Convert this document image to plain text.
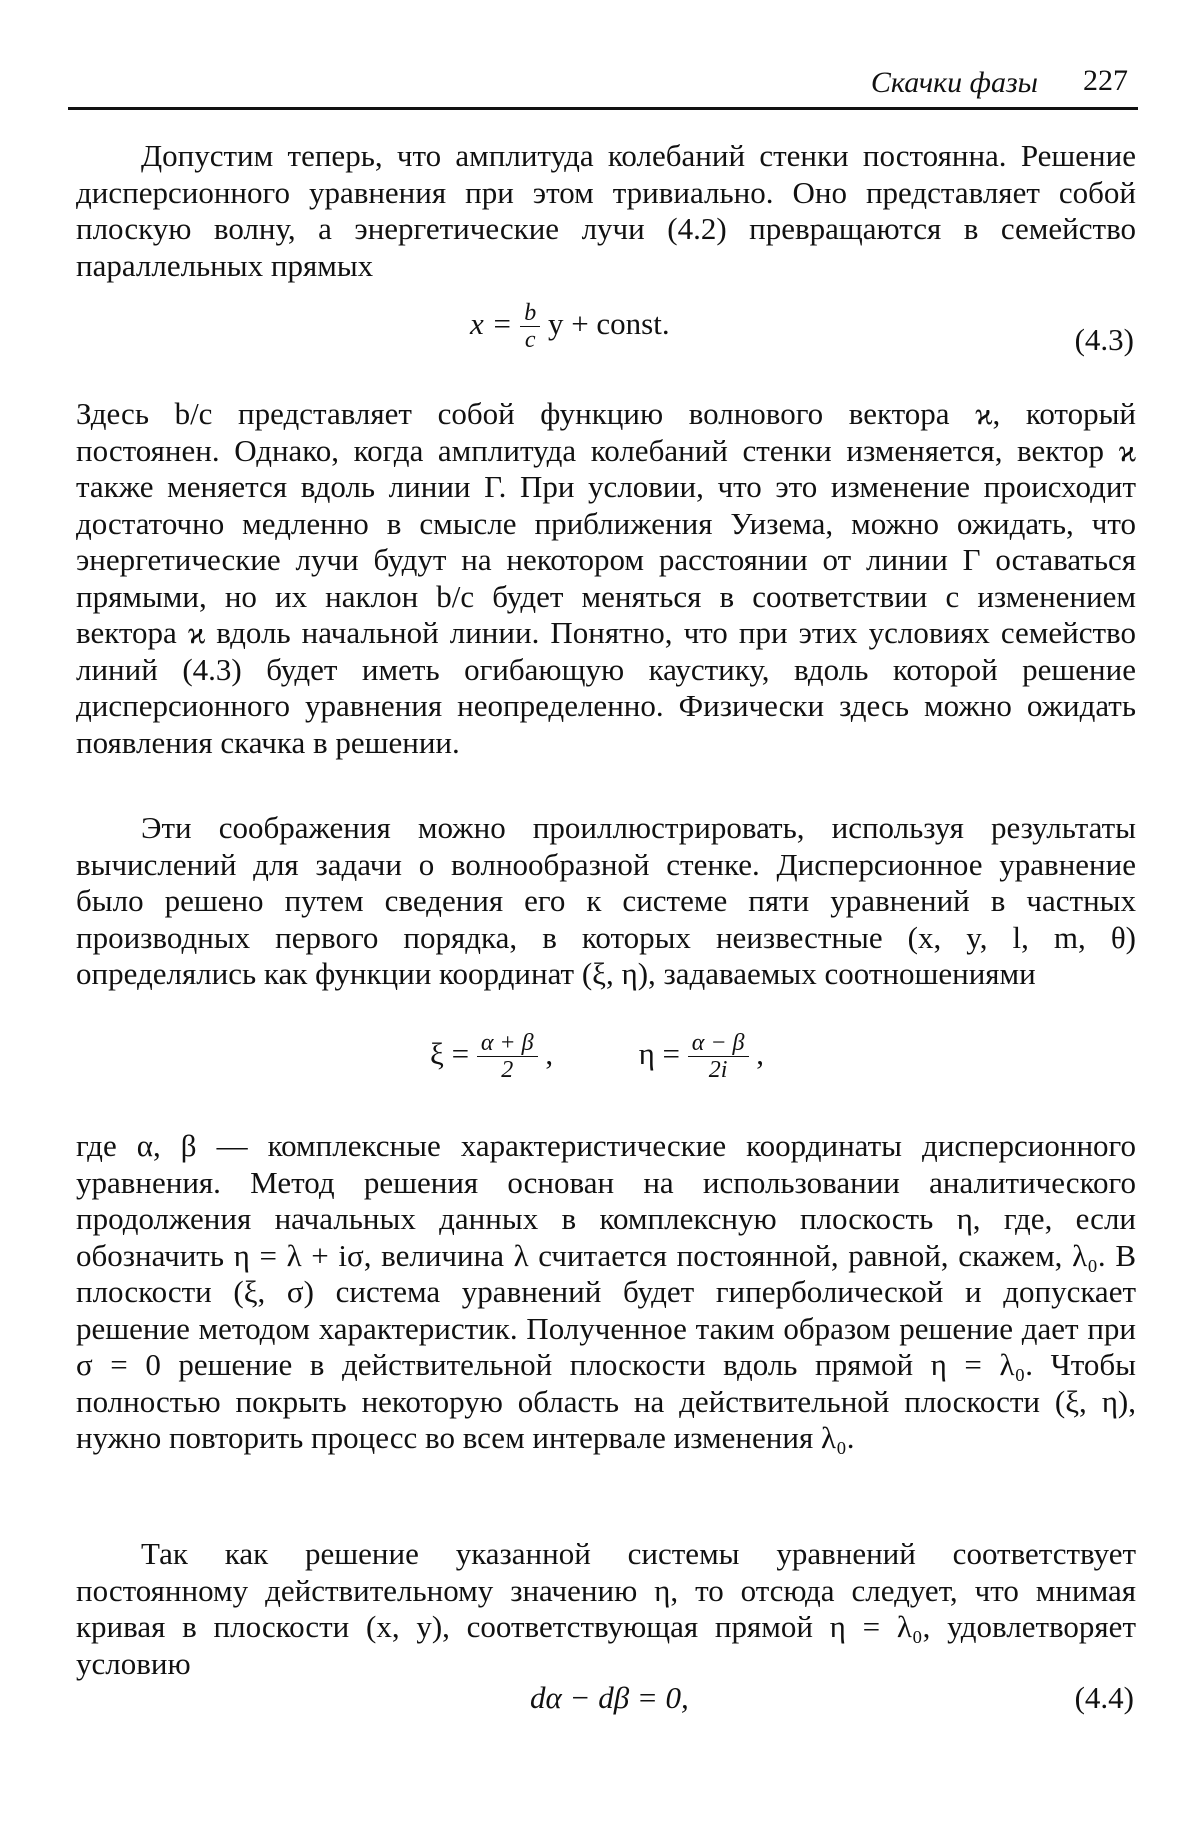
Скачки фазы 227

Допустим теперь, что амплитуда колебаний стенки постоянна. Решение дисперсионного уравнения при этом тривиально. Оно представляет собой плоскую волну, а энергетические лучи (4.2) превращаются в семейство параллельных прямых

$x = \frac{b}{c}$ y + const.	(4.3)

Здесь b/c представляет собой функцию волнового вектора ϰ, который постоянен. Однако, когда амплитуда колебаний стенки изменяется, вектор ϰ также меняется вдоль линии Г. При условии, что это изменение происходит достаточно медленно в смысле приближения Уизема, можно ожидать, что энергетические лучи будут на некотором расстоянии от линии Г оставаться прямыми, но их наклон b/c будет меняться в соответствии с изменением вектора ϰ вдоль начальной линии. Понятно, что при этих условиях семейство линий (4.3) будет иметь огибающую каустику, вдоль которой решение дисперсионного уравнения неопределенно. Физически здесь можно ожидать появления скачка в решении.

Эти соображения можно проиллюстрировать, используя результаты вычислений для задачи о волнообразной стенке. Дисперсионное уравнение было решено путем сведения его к системе пяти уравнений в частных производных первого порядка, в которых неизвестные (x, y, l, m, θ) определялись как функции координат (ξ, η), задаваемых соотношениями

$\xi = \frac{\alpha + \beta}{2}$ ,	$\eta = \frac{\alpha - \beta}{2i}$ ,

где α, β — комплексные характеристические координаты дисперсионного уравнения. Метод решения основан на использовании аналитического продолжения начальных данных в комплексную плоскость η, где, если обозначить η = λ + iσ, величина λ считается постоянной, равной, скажем, λ₀. В плоскости (ξ, σ) система уравнений будет гиперболической и допускает решение методом характеристик. Полученное таким образом решение дает при σ = 0 решение в действительной плоскости вдоль прямой η = λ₀. Чтобы полностью покрыть некоторую область на действительной плоскости (ξ, η), нужно повторить процесс во всем интервале изменения λ₀.

Так как решение указанной системы уравнений соответствует постоянному действительному значению η, то отсюда следует, что мнимая кривая в плоскости (x, y), соответствующая прямой η = λ₀, удовлетворяет условию

dα − dβ = 0,	(4.4)
